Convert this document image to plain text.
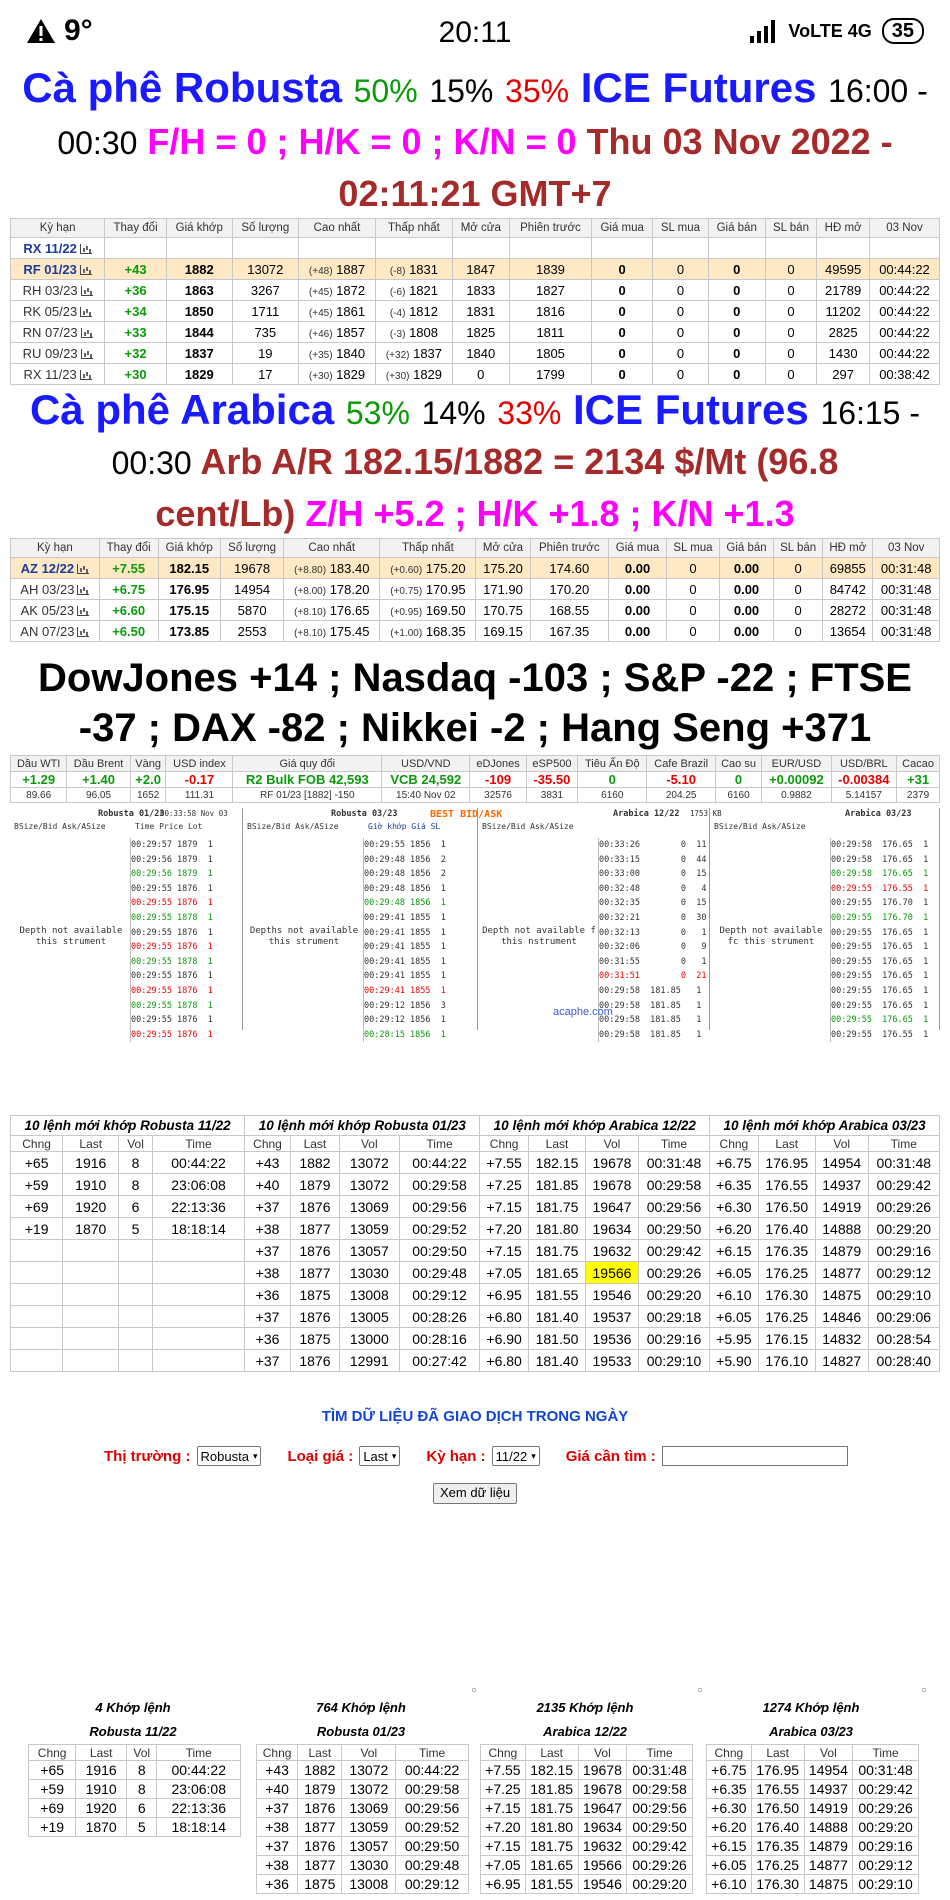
9°	20:11	VoLTE 4G	35
Cà phê Robusta 50% 15% 35% ICE Futures 16:00 -
00:30 F/H = 0 ; H/K = 0 ; K/N = 0 Thu 03 Nov 2022 -
02:11:21 GMT+7
Kỳ hạn	Thay đổi	Giá khớp	Số lượng	Cao nhất	Thấp nhất	Mở cửa	Phiên trước	Giá mua	SL mua	Giá bán	SL bán	HĐ mở	03 Nov
RX 11/22													
RF 01/23	+43	1882	13072	(+48) 1887	(-8) 1831	1847	1839	0	0	0	0	49595	00:44:22
RH 03/23	+36	1863	3267	(+45) 1872	(-6) 1821	1833	1827	0	0	0	0	21789	00:44:22
RK 05/23	+34	1850	1711	(+45) 1861	(-4) 1812	1831	1816	0	0	0	0	11202	00:44:22
RN 07/23	+33	1844	735	(+46) 1857	(-3) 1808	1825	1811	0	0	0	0	2825	00:44:22
RU 09/23	+32	1837	19	(+35) 1840	(+32) 1837	1840	1805	0	0	0	0	1430	00:44:22
RX 11/23	+30	1829	17	(+30) 1829	(+30) 1829	0	1799	0	0	0	0	297	00:38:42
Cà phê Arabica 53% 14% 33% ICE Futures 16:15 -
00:30 Arb A/R 182.15/1882 = 2134 $/Mt (96.8
cent/Lb) Z/H +5.2 ; H/K +1.8 ; K/N +1.3
Kỳ hạn	Thay đổi	Giá khớp	Số lượng	Cao nhất	Thấp nhất	Mở cửa	Phiên trước	Giá mua	SL mua	Giá bán	SL bán	HĐ mở	03 Nov
AZ 12/22	+7.55	182.15	19678	(+8.80) 183.40	(+0.60) 175.20	175.20	174.60	0.00	0	0.00	0	69855	00:31:48
AH 03/23	+6.75	176.95	14954	(+8.00) 178.20	(+0.75) 170.95	171.90	170.20	0.00	0	0.00	0	84742	00:31:48
AK 05/23	+6.60	175.15	5870	(+8.10) 176.65	(+0.95) 169.50	170.75	168.55	0.00	0	0.00	0	28272	00:31:48
AN 07/23	+6.50	173.85	2553	(+8.10) 175.45	(+1.00) 168.35	169.15	167.35	0.00	0	0.00	0	13654	00:31:48
DowJones +14 ; Nasdaq -103 ; S&P -22 ; FTSE
-37 ; DAX -82 ; Nikkei -2 ; Hang Seng +371
Dầu WTI	Dầu Brent	Vàng	USD index	Giá quy đổi	USD/VND	eDJones	eSP500	Tiêu Ấn Độ	Cafe Brazil	Cao su	EUR/USD	USD/BRL	Cacao
+1.29	+1.40	+2.0	-0.17	R2 Bulk FOB 42,593	VCB 24,592	-109	-35.50	0	-5.10	0	+0.00092	-0.00384	+31
89.66	96.05	1652	111.31	RF 01/23 [1882] -150	15:40 Nov 02	32576	3831	6160	204.25	6160	0.9882	5.14157	2379
Robusta 01/23
00:33:58 Nov 03
BSize/Bid Ask/ASize	Time Price Lot
Depth not available this strument
00:29:57 1879  1
00:29:56 1879  1
00:29:56 1879  1
00:29:55 1876  1
00:29:55 1876  1
00:29:55 1878  1
00:29:55 1876  1
00:29:55 1876  1
00:29:55 1878  1
00:29:55 1876  1
00:29:55 1876  1
00:29:55 1878  1
00:29:55 1876  1
00:29:55 1876  1
Robusta 03/23
BSize/Bid Ask/ASize	Giờ khớp Giá SL
Depths not available this strument
00:29:55 1856  1
00:29:48 1856  2
00:29:48 1856  2
00:29:48 1856  1
00:29:48 1856  1
00:29:41 1855  1
00:29:41 1855  1
00:29:41 1855  1
00:29:41 1855  1
00:29:41 1855  1
00:29:41 1855  1
00:29:12 1856  3
00:29:12 1856  1
00:28:15 1856  1
Arabica 12/22
BSize/Bid Ask/ASize
Depth not available f this nstrument
00:33:26        0  11
00:33:15        0  44
00:33:00        0  15
00:32:48        0   4
00:32:35        0  15
00:32:21        0  30
00:32:13        0   1
00:32:06        0   9
00:31:55        0   1
00:31:51        0  21
00:29:58  181.85   1
00:29:58  181.85   1
00:29:58  181.85   1
00:29:58  181.85   1
Arabica 03/23
BSize/Bid Ask/ASize
Depth not available fc this strument
00:29:58  176.65  1
00:29:58  176.65  1
00:29:58  176.65  1
00:29:55  176.55  1
00:29:55  176.70  1
00:29:55  176.70  1
00:29:55  176.65  1
00:29:55  176.65  1
00:29:55  176.65  1
00:29:55  176.65  1
00:29:55  176.65  1
00:29:55  176.65  1
00:29:55  176.65  1
00:29:55  176.55  1
BEST BID/ASK	1753 KB
10 lệnh mới khớp Robusta 11/22				10 lệnh mới khớp Robusta 01/23				10 lệnh mới khớp Arabica 12/22				10 lệnh mới khớp Arabica 03/23			
Chng	Last	Vol	Time	Chng	Last	Vol	Time	Chng	Last	Vol	Time	Chng	Last	Vol	Time
+65	1916	8	00:44:22	+43	1882	13072	00:44:22	+7.55	182.15	19678	00:31:48	+6.75	176.95	14954	00:31:48
+59	1910	8	23:06:08	+40	1879	13072	00:29:58	+7.25	181.85	19678	00:29:58	+6.35	176.55	14937	00:29:42
+69	1920	6	22:13:36	+37	1876	13069	00:29:56	+7.15	181.75	19647	00:29:56	+6.30	176.50	14919	00:29:26
+19	1870	5	18:18:14	+38	1877	13059	00:29:52	+7.20	181.80	19634	00:29:50	+6.20	176.40	14888	00:29:20
				+37	1876	13057	00:29:50	+7.15	181.75	19632	00:29:42	+6.15	176.35	14879	00:29:16
				+38	1877	13030	00:29:48	+7.05	181.65	19566	00:29:26	+6.05	176.25	14877	00:29:12
				+36	1875	13008	00:29:12	+6.95	181.55	19546	00:29:20	+6.10	176.30	14875	00:29:10
				+37	1876	13005	00:28:26	+6.80	181.40	19537	00:29:18	+6.05	176.25	14846	00:29:06
				+36	1875	13000	00:28:16	+6.90	181.50	19536	00:29:16	+5.95	176.15	14832	00:28:54
				+37	1876	12991	00:27:42	+6.80	181.40	19533	00:29:10	+5.90	176.10	14827	00:28:40
TÌM DỮ LIỆU ĐÃ GIAO DỊCH TRONG NGÀY
Thị trường : Robusta ▾ Loại giá : Last ▾ Kỳ hạn : 11/22 ▾ Giá cần tìm :
Xem dữ liệu
4 Khớp lệnh
Robusta 11/22
Chng	Last	Vol	Time
+65	1916	8	00:44:22
+59	1910	8	23:06:08
+69	1920	6	22:13:36
+19	1870	5	18:18:14
764 Khớp lệnh
Robusta 01/23
Chng	Last	Vol	Time
+43	1882	13072	00:44:22
+40	1879	13072	00:29:58
+37	1876	13069	00:29:56
+38	1877	13059	00:29:52
+37	1876	13057	00:29:50
+38	1877	13030	00:29:48
+36	1875	13008	00:29:12
2135 Khớp lệnh
Arabica 12/22
Chng	Last	Vol	Time
+7.55	182.15	19678	00:31:48
+7.25	181.85	19678	00:29:58
+7.15	181.75	19647	00:29:56
+7.20	181.80	19634	00:29:50
+7.15	181.75	19632	00:29:42
+7.05	181.65	19566	00:29:26
+6.95	181.55	19546	00:29:20
1274 Khớp lệnh
Arabica 03/23
Chng	Last	Vol	Time
+6.75	176.95	14954	00:31:48
+6.35	176.55	14937	00:29:42
+6.30	176.50	14919	00:29:26
+6.20	176.40	14888	00:29:20
+6.15	176.35	14879	00:29:16
+6.05	176.25	14877	00:29:12
+6.10	176.30	14875	00:29:10
acaphe.com
